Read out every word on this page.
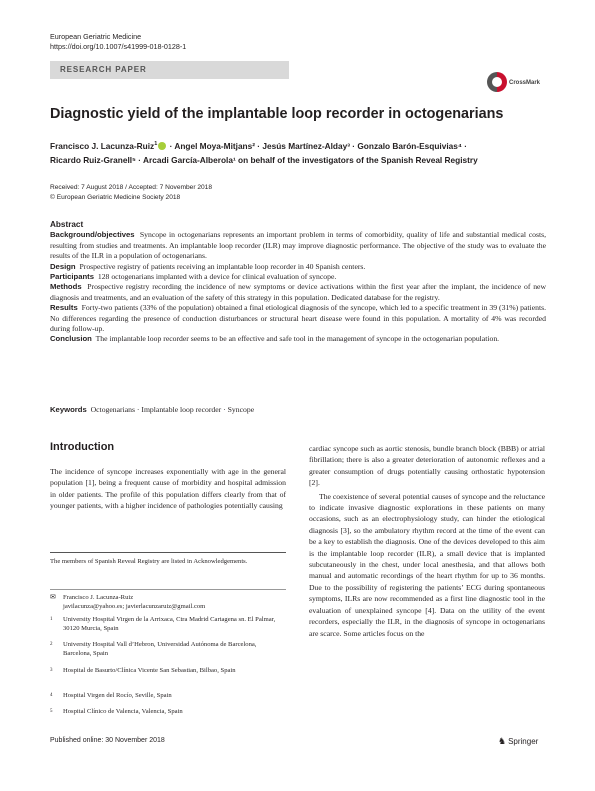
European Geriatric Medicine
https://doi.org/10.1007/s41999-018-0128-1
RESEARCH PAPER
CrossMark
Diagnostic yield of the implantable loop recorder in octogenarians
Francisco J. Lacunza-Ruiz$^1$ · Angel Moya-Mitjans² · Jesús Martínez-Alday³ · Gonzalo Barón-Esquivias⁴ ·
Ricardo Ruiz-Granell⁵ · Arcadi García-Alberola¹ on behalf of the investigators of the Spanish Reveal Registry
Received: 7 August 2018 / Accepted: 7 November 2018
© European Geriatric Medicine Society 2018
Abstract

Background/objectives Syncope in octogenarians represents an important problem in terms of comorbidity, quality of life and substantial medical costs, resulting from studies and treatments. An implantable loop recorder (ILR) may improve diagnostic performance. The objective of the study was to evaluate the results of the ILR in a population of octogenarians.

Design Prospective registry of patients receiving an implantable loop recorder in 40 Spanish centers.

Participants 128 octogenarians implanted with a device for clinical evaluation of syncope.

Methods Prospective registry recording the incidence of new symptoms or device activations within the first year after the implant, the incidence of new diagnosis and treatments, and an evaluation of the safety of this strategy in this population. Dedicated database for the registry.

Results Forty-two patients (33% of the population) obtained a final etiological diagnosis of the syncope, which led to a specific treatment in 39 (31%) patients. No differences regarding the presence of conduction disturbances or structural heart disease were found in this population. A mortality of 4% was recorded during follow-up.

Conclusion The implantable loop recorder seems to be an effective and safe tool in the management of syncope in the octogenarian population.

Keywords Octogenarians · Implantable loop recorder · Syncope
Introduction

The incidence of syncope increases exponentially with age in the general population [1], being a frequent cause of morbidity and hospital admission in older patients. The profile of this population differs clearly from that of younger patients, with a higher incidence of pathologies potentially causing

cardiac syncope such as aortic stenosis, bundle branch block (BBB) or atrial fibrillation; there is also a greater deterioration of autonomic reflexes and a greater consumption of drugs potentially causing orthostatic hypotension [2].

The coexistence of several potential causes of syncope and the reluctance to indicate invasive diagnostic explorations in these patients on many occasions, such as an electrophysiology study, can hinder the etiological diagnosis [3], so the ambulatory rhythm record at the time of the event can be a key to establish the diagnosis. One of the devices developed to this aim is the implantable loop recorder (ILR), a small device that is implanted subcutaneously in the chest, under local anesthesia, and that allows both manual and automatic recordings of the heart rhythm for up to 36 months. Due to the possibility of registering the patients’ ECG during spontaneous symptoms, ILRs are now recommended as a first line diagnostic tool in the evaluation of unexplained syncope [4]. Data on the utility of the event recorders, especially the ILR, in the diagnosis of syncope in octogenarians are scarce. Some articles focus on the

The members of Spanish Reveal Registry are listed in Acknowledgements.
✉ Francisco J. Lacunza-Ruiz
javilacunza@yahoo.es; javierlacunzaruiz@gmail.com
1 University Hospital Virgen de la Arrixaca, Ctra Madrid Cartagena sn. El Palmar, 30120 Murcia, Spain
2 University Hospital Vall d’Hebron, Universidad Autónoma de Barcelona, Barcelona, Spain
3 Hospital de Basurto/Clínica Vicente San Sebastian, Bilbao, Spain
4 Hospital Virgen del Rocío, Seville, Spain
5 Hospital Clínico de Valencia, Valencia, Spain
Published online: 30 November 2018	♞ Springer
